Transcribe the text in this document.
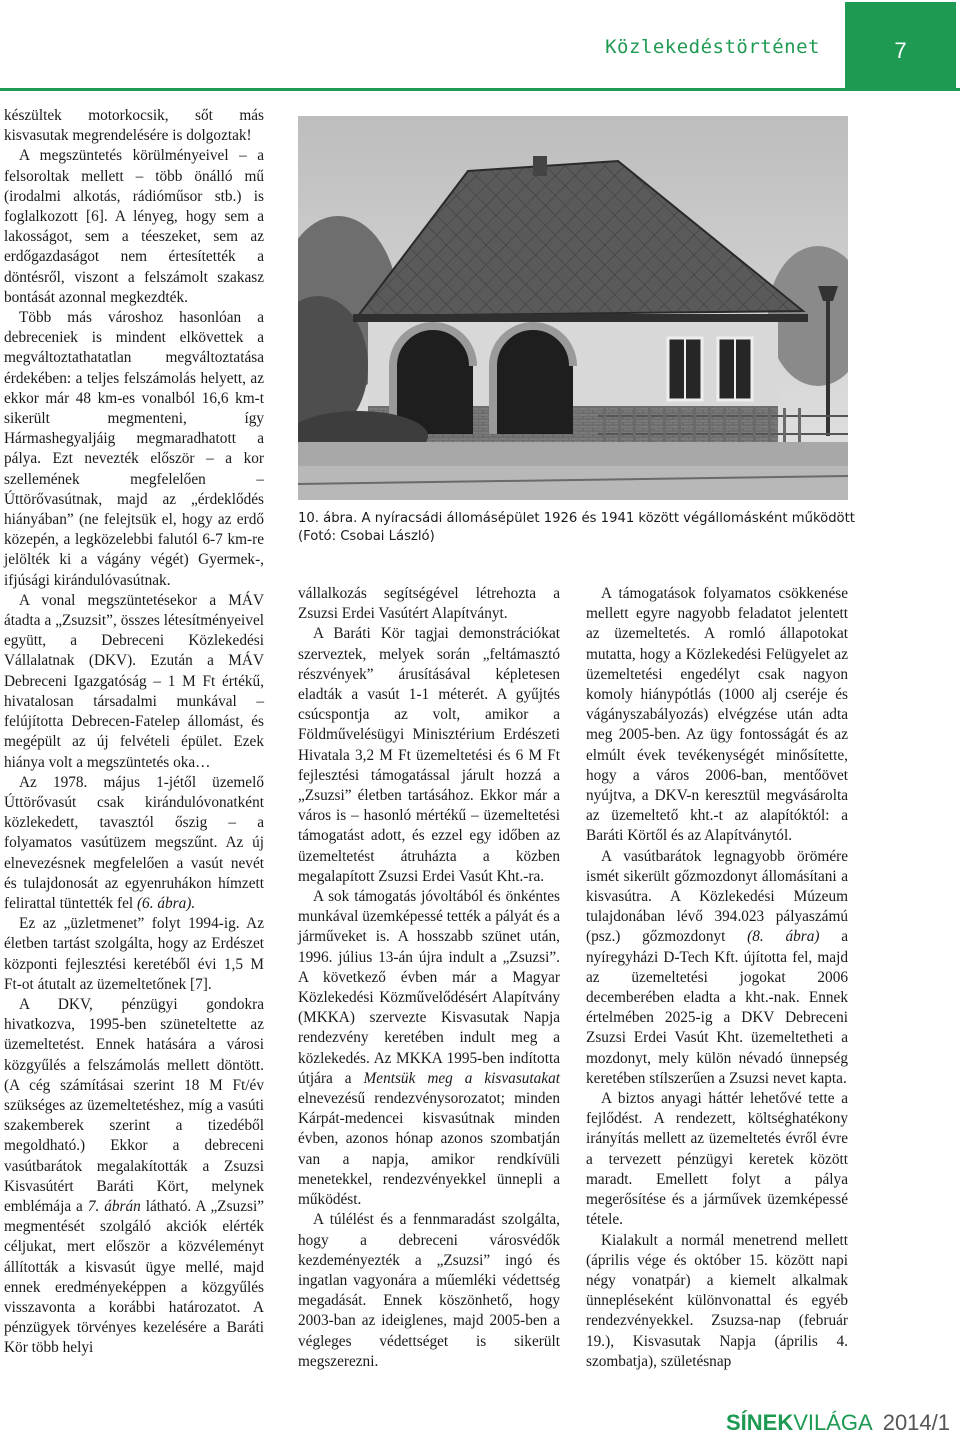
7
Közlekedéstörténet

készültek motorkocsik, sőt más kisvasutak megrendelésére is dolgoztak!

A megszüntetés körülményeivel – a felsoroltak mellett – több önálló mű (irodalmi alkotás, rádióműsor stb.) is foglalkozott [6]. A lényeg, hogy sem a lakosságot, sem a téeszeket, sem az erdőgazdaságot nem értesítették a döntésről, viszont a felszámolt szakasz bontását azonnal megkezdték.

Több más városhoz hasonlóan a debreceniek is mindent elkövettek a megváltoztathatatlan megváltoztatása érdekében: a teljes felszámolás helyett, az ekkor már 48 km-es vonalból 16,6 km-t sikerült megmenteni, így Hármashegyaljáig megmaradhatott a pálya. Ezt nevezték először – a kor szellemének megfelelően – Úttörővasútnak, majd az „érdeklődés hiányában” (ne felejtsük el, hogy az erdő közepén, a legközelebbi falutól 6-7 km-re jelölték ki a vágány végét) Gyermek-, ifjúsági kirándulóvasútnak.

A vonal megszüntetésekor a MÁV átadta a „Zsuzsit”, összes létesítményeivel együtt, a Debreceni Közlekedési Vállalatnak (DKV). Ezután a MÁV Debreceni Igazgatóság – 1 M Ft értékű, hivatalosan társadalmi munkával – felújította Debrecen-Fatelep állomást, és megépült az új felvételi épület. Ezek hiánya volt a megszüntetés oka…

Az 1978. május 1-jétől üzemelő Úttörővasút csak kirándulóvonatként közlekedett, tavasztól őszig – a folyamatos vasútüzem megszűnt. Az új elnevezésnek megfelelően a vasút nevét és tulajdonosát az egyenruhákon hímzett felirattal tüntették fel (6. ábra).

Ez az „üzletmenet” folyt 1994-ig. Az életben tartást szolgálta, hogy az Erdészet központi fejlesztési keretéből évi 1,5 M Ft-ot átutalt az üzemeltetőnek [7].

A DKV, pénzügyi gondokra hivatkozva, 1995-ben szüneteltette az üzemeltetést. Ennek hatására a városi közgyűlés a felszámolás mellett döntött. (A cég számításai szerint 18 M Ft/év szükséges az üzemeltetéshez, míg a vasúti szakemberek szerint a tizedéből megoldható.) Ekkor a debreceni vasútbarátok megalakították a Zsuzsi Kisvasútért Baráti Kört, melynek emblémája a 7. ábrán látható. A „Zsuzsi” megmentését szolgáló akciók elérték céljukat, mert először a közvéleményt állították a kisvasút ügye mellé, majd ennek eredményeképpen a közgyűlés visszavonta a korábbi határozatot. A pénzügyek törvényes kezelésére a Baráti Kör több helyi

10. ábra. A nyíracsádi állomásépület 1926 és 1941 között végállomásként működött
(Fotó: Csobai László)

vállalkozás segítségével létrehozta a Zsuzsi Erdei Vasútért Alapítványt.

A Baráti Kör tagjai demonstrációkat szerveztek, melyek során „feltámasztó részvények” árusításával képletesen eladták a vasút 1-1 méterét. A gyűjtés csúcspontja az volt, amikor a Földművelésügyi Minisztérium Erdészeti Hivatala 3,2 M Ft üzemeltetési és 6 M Ft fejlesztési támogatással járult hozzá a „Zsuzsi” életben tartásához. Ekkor már a város is – hasonló mértékű – üzemeltetési támogatást adott, és ezzel egy időben az üzemeltetést átruházta a közben megalapított Zsuzsi Erdei Vasút Kht.-ra.

A sok támogatás jóvoltából és önkéntes munkával üzemképessé tették a pályát és a járműveket is. A hosszabb szünet után, 1996. július 13-án újra indult a „Zsuzsi”. A következő évben már a Magyar Közlekedési Közművelődésért Alapítvány (MKKA) szervezte Kisvasutak Napja rendezvény keretében indult meg a közlekedés. Az MKKA 1995-ben indította útjára a Mentsük meg a kisvasutakat elnevezésű rendezvénysorozatot; minden Kárpát-medencei kisvasútnak minden évben, azonos hónap azonos szombatján van a napja, amikor rendkívüli menetekkel, rendezvényekkel ünnepli a működést.

A túlélést és a fennmaradást szolgálta, hogy a debreceni városvédők kezdeményezték a „Zsuzsi” ingó és ingatlan vagyonára a műemléki védettség megadását. Ennek köszönhető, hogy 2003-ban az ideiglenes, majd 2005-ben a végleges védettséget is sikerült megszerezni.

A támogatások folyamatos csökkenése mellett egyre nagyobb feladatot jelentett az üzemeltetés. A romló állapotokat mutatta, hogy a Közlekedési Felügyelet az üzemeltetési engedélyt csak nagyon komoly hiánypótlás (1000 alj cseréje és vágányszabályozás) elvégzése után adta meg 2005-ben. Az ügy fontosságát és az elmúlt évek tevékenységét minősítette, hogy a város 2006-ban, mentőövet nyújtva, a DKV-n keresztül megvásárolta az üzemeltető kht.-t az alapítóktól: a Baráti Körtől és az Alapítványtól.

A vasútbarátok legnagyobb örömére ismét sikerült gőzmozdonyt állomásítani a kisvasútra. A Közlekedési Múzeum tulajdonában lévő 394.023 pályaszámú (psz.) gőzmozdonyt (8. ábra) a nyíregyházi D-Tech Kft. újította fel, majd az üzemeltetési jogokat 2006 decemberében eladta a kht.-nak. Ennek értelmében 2025-ig a DKV Debreceni Zsuzsi Erdei Vasút Kht. üzemeltetheti a mozdonyt, mely külön névadó ünnepség keretében stílszerűen a Zsuzsi nevet kapta.

A biztos anyagi háttér lehetővé tette a fejlődést. A rendezett, költséghatékony irányítás mellett az üzemeltetés évről évre a tervezett pénzügyi keretek között maradt. Emellett folyt a pálya megerősítése és a járművek üzemképessé tétele.

Kialakult a normál menetrend mellett (április vége és október 15. között napi négy vonatpár) a kiemelt alkalmak ünnepléseként különvonattal és egyéb rendezvényekkel. Zsuzsa-nap (február 19.), Kisvasutak Napja (április 4. szombatja), születésnap

SÍNEKVILÁGA 2014/1
